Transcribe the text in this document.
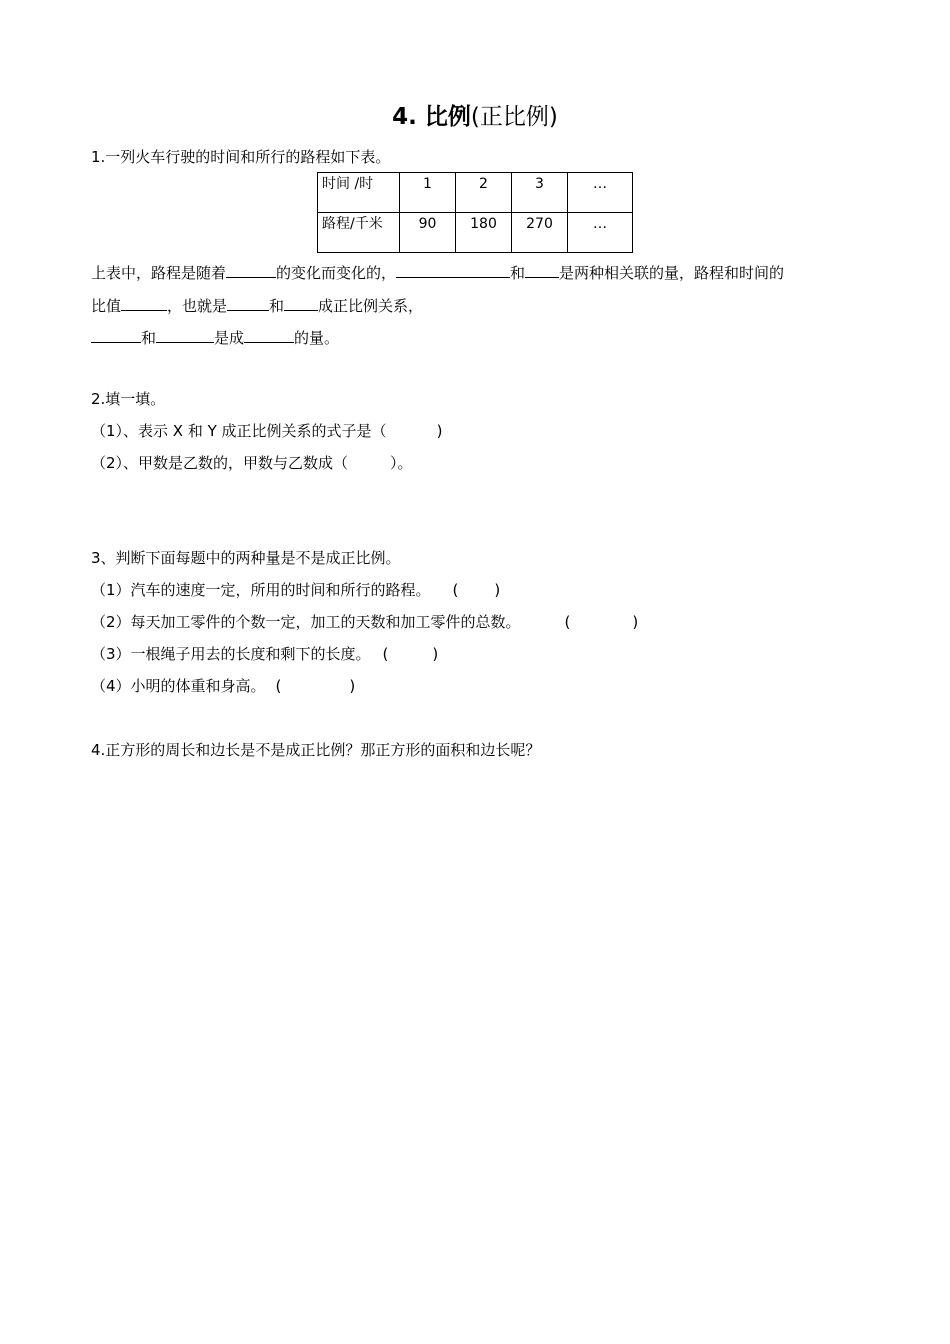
4. 比例(正比例)
1.一列火车行驶的时间和所行的路程如下表。
时间 /时	1	2	3	…
路程/千米	90	180	270	…
上表中，路程是随着	的变化而变化的，	和 是两种相关联的量，路程和时间的
比值	，也就是	和 成正比例关系，
和	是成	的量。
2.填一填。
（1）、表示 X 和 Y 成正比例关系的式子是（	)
（2）、甲数是乙数的，甲数与乙数成（	）。
3、判断下面每题中的两种量是不是成正比例。
（1）汽车的速度一定，所用的时间和所行的路程。 ( )
（2）每天加工零件的个数一定，加工的天数和加工零件的总数。	(	)
（3）一根绳子用去的长度和剩下的长度。 (	)
（4）小明的体重和身高。 (	)
4.正方形的周长和边长是不是成正比例？那正方形的面积和边长呢？
